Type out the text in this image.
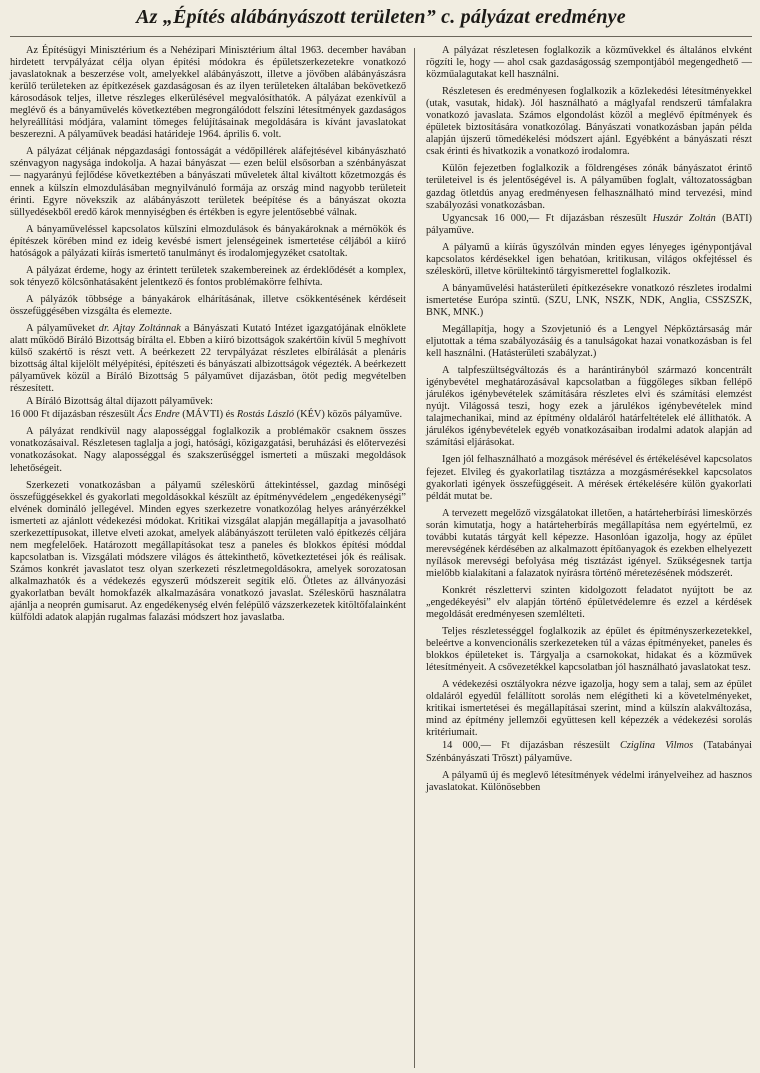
Az „Építés alábányászott területen” c. pályázat eredménye

Az Építésügyi Minisztérium és a Nehézipari Minisztérium által 1963. december havában hirdetett tervpályázat célja olyan építési módokra és épületszerkezetekre vonatkozó javaslatoknak a beszerzése volt, amelyekkel alábányászott, illetve a jövőben alábányászásra kerülő területeken az építkezések gazdaságosan és az ilyen területeken általában bekövetkező károsodások teljes, illetve részleges elkerülésével megvalósíthatók. A pályázat ezenkívül a meglévő és a bányaművelés következtében megrongálódott felszíni létesítmények gazdaságos helyreállítási módjára, valamint tömeges felújításainak megoldására is kívánt javaslatokat beszerezni. A pályaművek beadási határideje 1964. április 6. volt.

A pályázat céljának népgazdasági fontosságát a védőpillérek aláfejtésével kibányászható szénvagyon nagysága indokolja. A hazai bányászat — ezen belül elsősorban a szénbányászat — nagyarányú fejlődése következtében a bányászati műveletek által kiváltott kőzetmozgás és ennek a külszín elmozdulásában megnyilvánuló formája az ország mind nagyobb területeit érinti. Egyre növekszik az alábányászott területek beépítése és a bányászat okozta süllyedésekből eredő károk mennyiségben és értékben is egyre jelentősebbé válnak.

A bányaműveléssel kapcsolatos külszíni elmozdulások és bányakároknak a mérnökök és építészek körében mind ez ideig kevésbé ismert jelenségeinek ismertetése céljából a kiíró hatóságok a pályázati kiírás ismertető tanulmányt és irodalomjegyzéket csatoltak.

A pályázat érdeme, hogy az érintett területek szakembereinek az érdeklődését a komplex, sok tényező kölcsönhatásaként jelentkező és fontos problémakörre felhívta.

A pályázók többsége a bányakárok elhárításának, illetve csökkentésének kérdéseit összefüggésében vizsgálta és elemezte.

A pályaműveket dr. Ajtay Zoltánnak a Bányászati Kutató Intézet igazgatójának elnöklete alatt működő Bíráló Bizottság bírálta el. Ebben a kiíró bizottságok szakértőin kívül 5 meghívott külső szakértő is részt vett. A beérkezett 22 tervpályázat részletes elbírálását a plenáris bizottság által kijelölt mélyépítési, építészeti és bányászati albizottságok végezték. A beérkezett pályaművek közül a Bíráló Bizottság 5 pályaművet díjazásban, ötöt pedig megvételben részesített.

A Bíráló Bizottság által díjazott pályaművek:

16 000 Ft díjazásban részesült Ács Endre (MÁVTI) és Rostás László (KÉV) közös pályaműve.

A pályázat rendkívül nagy alaposséggal foglalkozik a problémakör csaknem összes vonatkozásaival. Részletesen taglalja a jogi, hatósági, közigazgatási, beruházási és előtervezési vonatkozásokat. Nagy alaposséggal és szakszerűséggel ismerteti a műszaki megoldások lehetőségeit.

Szerkezeti vonatkozásban a pályamű széleskörű áttekintéssel, gazdag minőségi összefüggésekkel és gyakorlati megoldásokkal készült az építményvédelem „engedékenységi” elvének domináló jellegével. Minden egyes szerkezetre vonatkozólag helyes arányérzékkel ismerteti az ajánlott védekezési módokat. Kritikai vizsgálat alapján megállapítja a javasolható szerkezettípusokat, illetve elveti azokat, amelyek alábányászott területen való építkezés céljára nem megfelelőek. Határozott megállapításokat tesz a paneles és blokkos építési móddal kapcsolatban is. Vizsgálati módszere világos és áttekinthető, következtetései jók és reálisak. Számos konkrét javaslatot tesz olyan szerkezeti részletmegoldásokra, amelyek sorozatosan alkalmazhatók és a védekezés egyszerű módszereit segítik elő. Ötletes az állványozási gyakorlatban bevált homokfazék alkalmazására vonatkozó javaslat. Széleskörű használatra ajánlja a neoprén gumisarut. Az engedékenység elvén felépülő vázszerkezetek kitöltőfalainként külföldi adatok alapján rugalmas falazási módszert hoz javaslatba.

A pályázat részletesen foglalkozik a közművekkel és általános elvként rögzíti le, hogy — ahol csak gazdaságosság szempontjából megengedhető — közműalagutakat kell használni.

Részletesen és eredményesen foglalkozik a közlekedési létesítményekkel (utak, vasutak, hidak). Jól használható a máglyafal rendszerű támfalakra vonatkozó javaslata. Számos elgondolást közöl a meglévő építmények és épületek biztosítására vonatkozólag. Bányászati vonatkozásban japán példa alapján újszerű tömedékelési módszert ajánl. Egyébként a bányászati részt csak érinti és hivatkozik a vonatkozó irodalomra.

Külön fejezetben foglalkozik a földrengéses zónák bányászatot érintő területeivel is és jelentőségével is. A pályaműben foglalt, változatosságban gazdag ötletdús anyag eredményesen felhasználható mind tervezési, mind szabályozási vonatkozásban.

Ugyancsak 16 000,— Ft díjazásban részesült Huszár Zoltán (BATI) pályaműve.

A pályamű a kiírás ügyszólván minden egyes lényeges igénypontjával kapcsolatos kérdésekkel igen behatóan, kritikusan, világos okfejtéssel és széleskörű, illetve körültekintő tárgyismerettel foglalkozik.

A bányaművelési hatásterületi építkezésekre vonatkozó részletes irodalmi ismertetése Európa szintű. (SZU, LNK, NSZK, NDK, Anglia, CSSZSZK, BNK, MNK.)

Megállapítja, hogy a Szovjetunió és a Lengyel Népköztársaság már eljutottak a téma szabályozásáig és a tanulságokat hazai vonatkozásban is fel kell használni. (Hatásterületi szabályzat.)

A talpfeszültségváltozás és a harántirányból származó koncentrált igénybevétel meghatározásával kapcsolatban a függőleges síkban fellépő járulékos igénybevételek számítására részletes elvi és számítási elemzést nyújt. Világossá teszi, hogy ezek a járulékos igénybevételek mind talajmechanikai, mind az építmény oldaláról határfeltételek elé állíthatók. A járulékos igénybevételek egyéb vonatkozásaiban irodalmi adatok alapján ad számítási eljárásokat.

Igen jól felhasználható a mozgások mérésével és értékelésével kapcsolatos fejezet. Elvileg és gyakorlatilag tisztázza a mozgásmérésekkel kapcsolatos gyakorlati igények összefüggéseit. A mérések értékelésére külön gyakorlati példát mutat be.

A tervezett megelőző vizsgálatokat illetően, a határteherbírási limeskörzés során kimutatja, hogy a határteherbírás megállapítása nem egyértelmű, ez további kutatás tárgyát kell képezze. Hasonlóan igazolja, hogy az épület merevségének kérdésében az alkalmazott építőanyagok és ezekben elhelyezett nyílások merevségi befolyása még tisztázást igényel. Szükségesnek tartja mielőbb kialakítani a falazatok nyírásra történő méretezésének módszerét.

Konkrét részlettervi szinten kidolgozott feladatot nyújtott be az „engedékeyési” elv alapján történő épületvédelemre és ezzel a kérdések megoldását eredményesen szemlélteti.

Teljes részletességgel foglalkozik az épület és építményszerkezetekkel, beleértve a konvencionális szerkezeteken túl a vázas építményeket, paneles és blokkos épületeket is. Tárgyalja a csarnokokat, hidakat és a közművek létesítményeit. A csővezetékkel kapcsolatban jól használható javaslatokat tesz.

A védekezési osztályokra nézve igazolja, hogy sem a talaj, sem az épület oldaláról egyedül felállított sorolás nem elégítheti ki a követelményeket, kritikai ismertetései és megállapításai szerint, mind a külszín alakváltozása, mind az építmény jellemzői együttesen kell képezzék a védekezési sorolás kritériumait.

14 000,— Ft díjazásban részesült Cziglina Vilmos (Tatabányai Szénbányászati Tröszt) pályaműve.

A pályamű új és meglevő létesítmények védelmi irányelveihez ad hasznos javaslatokat. Különösebben
